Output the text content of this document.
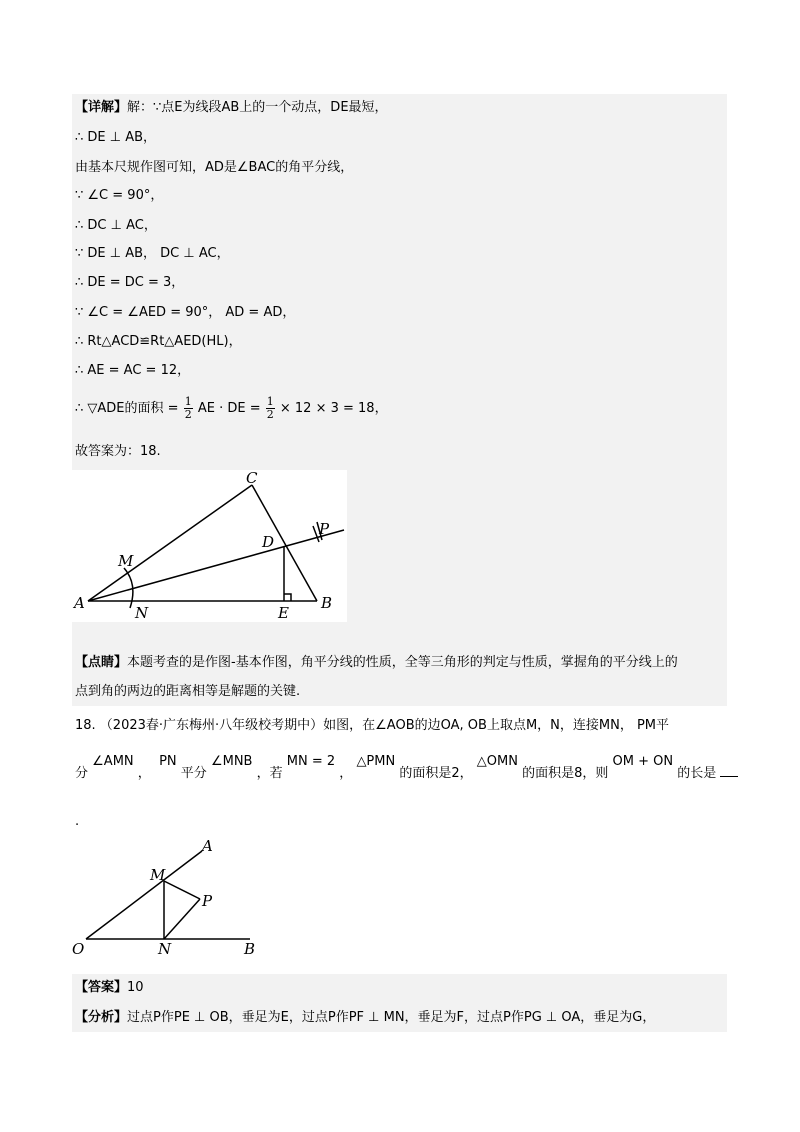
【详解】解：∵点E为线段AB上的一个动点，DE最短，
∴ DE ⊥ AB，
由基本尺规作图可知，AD是∠BAC的角平分线，
∵ ∠C = 90°，
∴ DC ⊥ AC，
∵ DE ⊥ AB， DC ⊥ AC，
∴ DE = DC = 3，
∵ ∠C = ∠AED = 90°， AD = AD，
∴ Rt△ACD≌Rt△AED(HL)，
∴ AE = AC = 12，
∴ ▽ADE的面积 = $\frac{1}{2}$ AE · DE = $\frac{1}{2} \times 12 \times 3 = 18$，
故答案为：18.
C
P
D
M
A
N	E
B
【点睛】本题考查的是作图-基本作图，角平分线的性质，全等三角形的判定与性质，掌握角的平分线上的
点到角的两边的距离相等是解题的关键.
18. （2023春·广东梅州·八年级校考期中）如图，在∠AOB的边OA, OB上取点M，N，连接MN， PM平
分 ∠AMN ，  PN 平分 ∠MNB ，若 MN = 2 ， △PMN 的面积是2， △OMN 的面积是8，则 OM + ON 的长是
.
A
M
P
O	N	B
【答案】10
【分析】过点P作PE ⊥ OB，垂足为E，过点P作PF ⊥ MN，垂足为F，过点P作PG ⊥ OA，垂足为G，
